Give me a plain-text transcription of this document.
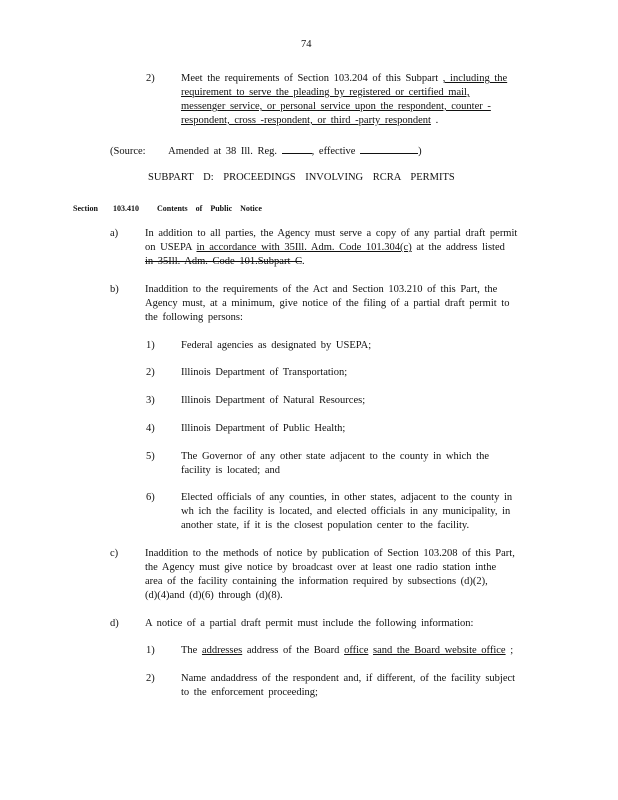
74
2)	Meet the requirements of Section 103.204 of this Subpart , including the
requirement to serve the pleading by registered or certified mail,
messenger service, or personal service upon the respondent, counter -
respondent, cross -respondent, or third -party respondent .
(Source: Amended at 38 Ill. Reg.	, effective	)
SUBPART D: PROCEEDINGS INVOLVING RCRA PERMITS
Section 103.410 Contents of Public Notice
a)	In addition to all parties, the Agency must serve a copy of any partial draft permit
on USEPA in accordance with 35Ill. Adm. Code 101.304(c) at the address listed
in 35Ill. Adm. Code 101.Subpart C.
b)	Inaddition to the requirements of the Act and Section 103.210 of this Part, the
Agency must, at a minimum, give notice of the filing of a partial draft permit to
the following persons:
1)	Federal agencies as designated by USEPA;
2)	Illinois Department of Transportation;
3)	Illinois Department of Natural Resources;
4)	Illinois Department of Public Health;
5)	The Governor of any other state adjacent to the county in which the
facility is located; and
6)	Elected officials of any counties, in other states, adjacent to the county in
wh ich the facility is located, and elected officials in any municipality, in
another state, if it is the closest population center to the facility.
c)	Inaddition to the methods of notice by publication of Section 103.208 of this Part,
the Agency must give notice by broadcast over at least one radio station inthe
area of the facility containing the information required by subsections (d)(2),
(d)(4)and (d)(6) through (d)(8).
d)	A notice of a partial draft permit must include the following information:
1)	The addresses address of the Board office sand the Board website office ;
2)	Name andaddress of the respondent and, if different, of the facility subject
to the enforcement proceeding;
